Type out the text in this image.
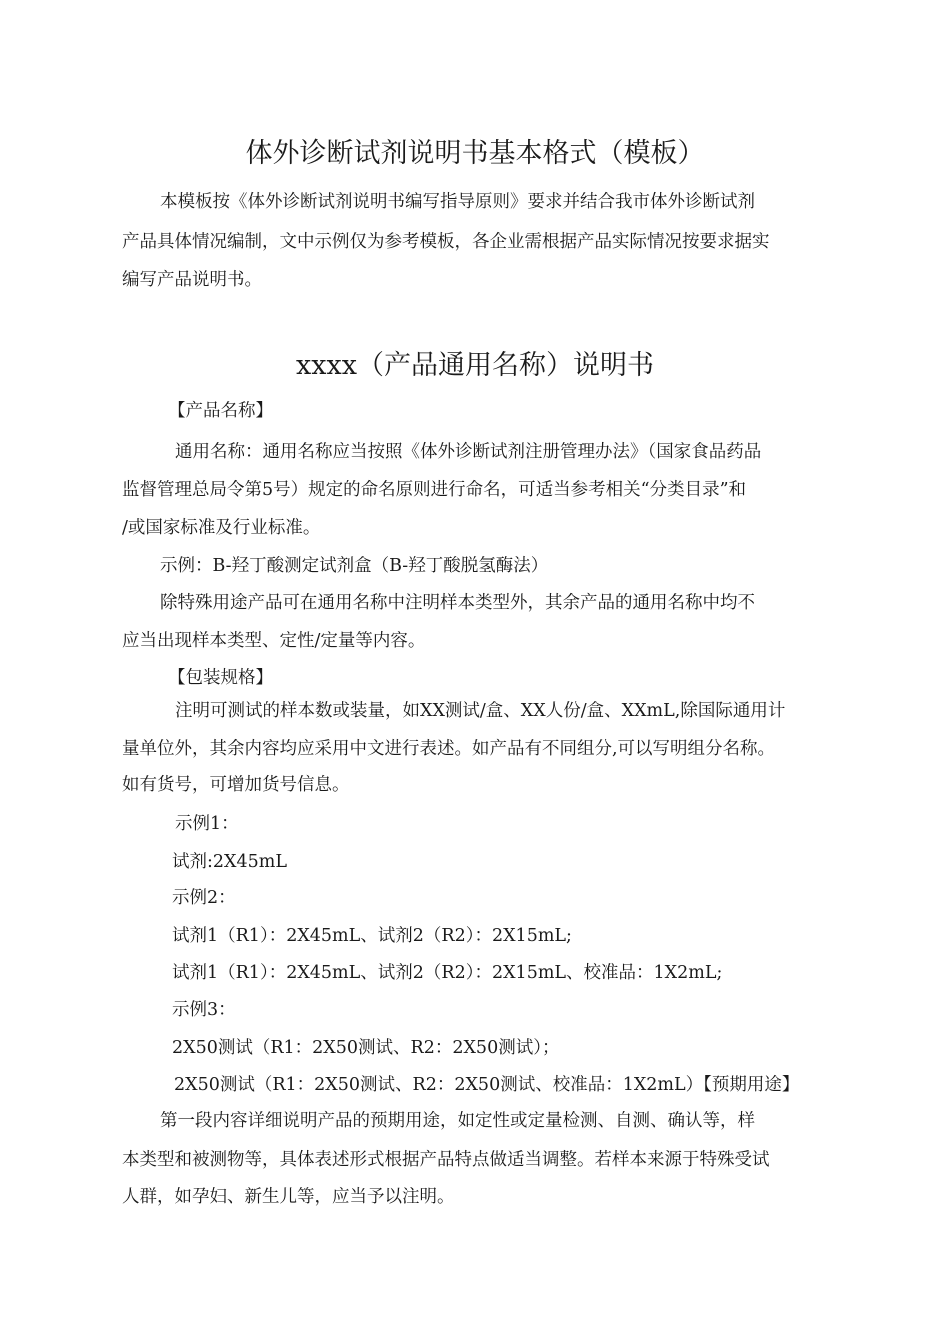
体外诊断试剂说明书基本格式（模板）
本模板按《体外诊断试剂说明书编写指导原则》要求并结合我市体外诊断试剂
产品具体情况编制，文中示例仅为参考模板，各企业需根据产品实际情况按要求据实
编写产品说明书。
xxxx（产品通用名称）说明书
【产品名称】
通用名称：通用名称应当按照《体外诊断试剂注册管理办法》（国家食品药品
监督管理总局令第5号）规定的命名原则进行命名，可适当参考相关“分类目录”和
/或国家标准及行业标准。
示例：B-羟丁酸测定试剂盒（B-羟丁酸脱氢酶法）
除特殊用途产品可在通用名称中注明样本类型外，其余产品的通用名称中均不
应当出现样本类型、定性/定量等内容。
【包装规格】
注明可测试的样本数或装量，如XX测试/盒、XX人份/盒、XXmL,除国际通用计
量单位外，其余内容均应采用中文进行表述。如产品有不同组分,可以写明组分名称。
如有货号，可增加货号信息。
示例1：
试剂:2X45mL
示例2：
试剂1（R1）：2X45mL、试剂2（R2）：2X15mL;
试剂1（R1）：2X45mL、试剂2（R2）：2X15mL、校准品：1X2mL;
示例3：
2X50测试（R1：2X50测试、R2：2X50测试）；
2X50测试（R1：2X50测试、R2：2X50测试、校准品：1X2mL）【预期用途】
第一段内容详细说明产品的预期用途，如定性或定量检测、自测、确认等，样
本类型和被测物等，具体表述形式根据产品特点做适当调整。若样本来源于特殊受试
人群，如孕妇、新生儿等，应当予以注明。
